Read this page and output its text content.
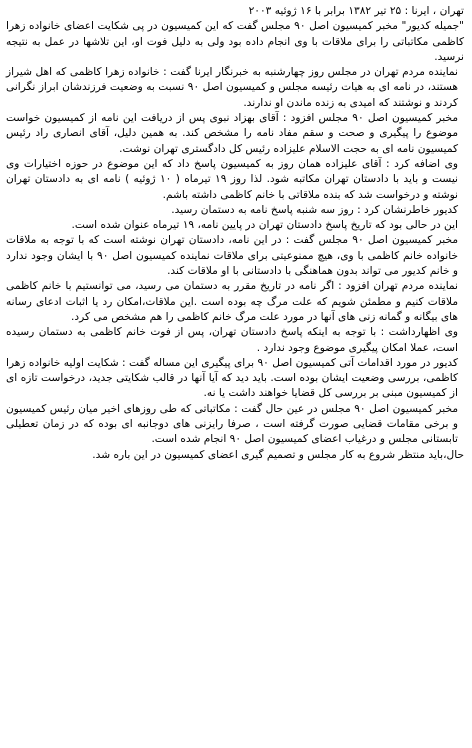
تهران ، ایرنا : ۲۵ تیر ۱۳۸۲ برابر با ۱۶ ژوئیه ۲۰۰۳

"جمیله کدیور" مخبر کمیسیون اصل ۹۰ مجلس گفت که این کمیسیون در پی شکایت اعضای خانواده زهرا کاظمی مکاتباتی را برای ملاقات با وی انجام داده بود ولی به دلیل فوت او، این تلاشها در عمل به نتیجه نرسید.

نماینده مردم تهران در مجلس روز چهارشنبه به خبرنگار ایرنا گفت : خانواده زهرا کاظمی که اهل شیراز هستند، در نامه ای به هیات رئیسه مجلس و کمیسیون اصل ۹۰ نسبت به وضعیت فرزندشان ابراز نگرانی کردند و نوشتند که امیدی به زنده ماندن او ندارند.

مخبر کمیسیون اصل ۹۰ مجلس افزود : آقای بهزاد نبوی پس از دریافت این نامه از کمیسیون خواست موضوع را پیگیری و صحت و سقم مفاد نامه را مشخص کند. به همین دلیل، آقای انصاری راد رئیس کمیسیون نامه ای به حجت الاسلام علیزاده رئیس کل دادگستری تهران نوشت.

وی اضافه کرد : آقای علیزاده همان روز به کمیسیون پاسخ داد که این موضوع در حوزه اختیارات وی نیست و باید با دادستان تهران مکاتبه شود. لذا روز ۱۹ تیرماه ( ۱۰ ژوئیه ) نامه ای به دادستان تهران نوشته و درخواست شد که بنده ملاقاتی با خانم کاظمی داشته باشم.

کدیور خاطرنشان کرد : روز سه شنبه پاسخ نامه به دستمان رسید.

این در حالی بود که تاریخ پاسخ دادستان تهران در پایین نامه، ۱۹ تیرماه عنوان شده است.

مخبر کمیسیون اصل ۹۰ مجلس گفت : در این نامه، دادستان تهران نوشته است که با توجه به ملاقات خانواده خانم کاظمی با وی، هیچ ممنوعیتی برای ملاقات نماینده کمیسیون اصل ۹۰ با ایشان وجود ندارد و خانم کدیور می تواند بدون هماهنگی با دادستانی با او ملاقات کند.

نماینده مردم تهران افزود : اگر نامه در تاریخ مقرر به دستمان می رسید، می توانستیم با خانم کاظمی ملاقات کنیم و مطمئن شویم که علت مرگ چه بوده است .این ملاقات،امکان رد یا اثبات ادعای رسانه های بیگانه و گمانه زنی های آنها در مورد علت مرگ خانم کاظمی را هم مشخص می کرد.

وی اظهارداشت : با توجه به اینکه پاسخ دادستان تهران، پس از فوت خانم کاظمی به دستمان رسیده است، عملا امکان پیگیری موضوع وجود ندارد .

کدیور در مورد اقدامات آتی کمیسیون اصل ۹۰ برای پیگیری این مساله گفت : شکایت اولیه خانواده زهرا کاظمی، بررسی وضعیت ایشان بوده است. باید دید که آیا آنها در قالب شکایتی جدید، درخواست تازه ای از کمیسیون مبنی بر بررسی کل قضایا خواهند داشت یا نه.

مخبر کمیسیون اصل ۹۰ مجلس در عین حال گفت : مکاتباتی که طی روزهای اخیر میان رئیس کمیسیون و برخی مقامات قضایی صورت گرفته است ، صرفا رایزنی های دوجانبه ای بوده که در زمان تعطیلی تابستانی مجلس و درغیاب اعضای کمیسیون اصل ۹۰ انجام شده است.

حال،باید منتظر شروع به کار مجلس و تصمیم گیری اعضای کمیسیون در این باره شد.
